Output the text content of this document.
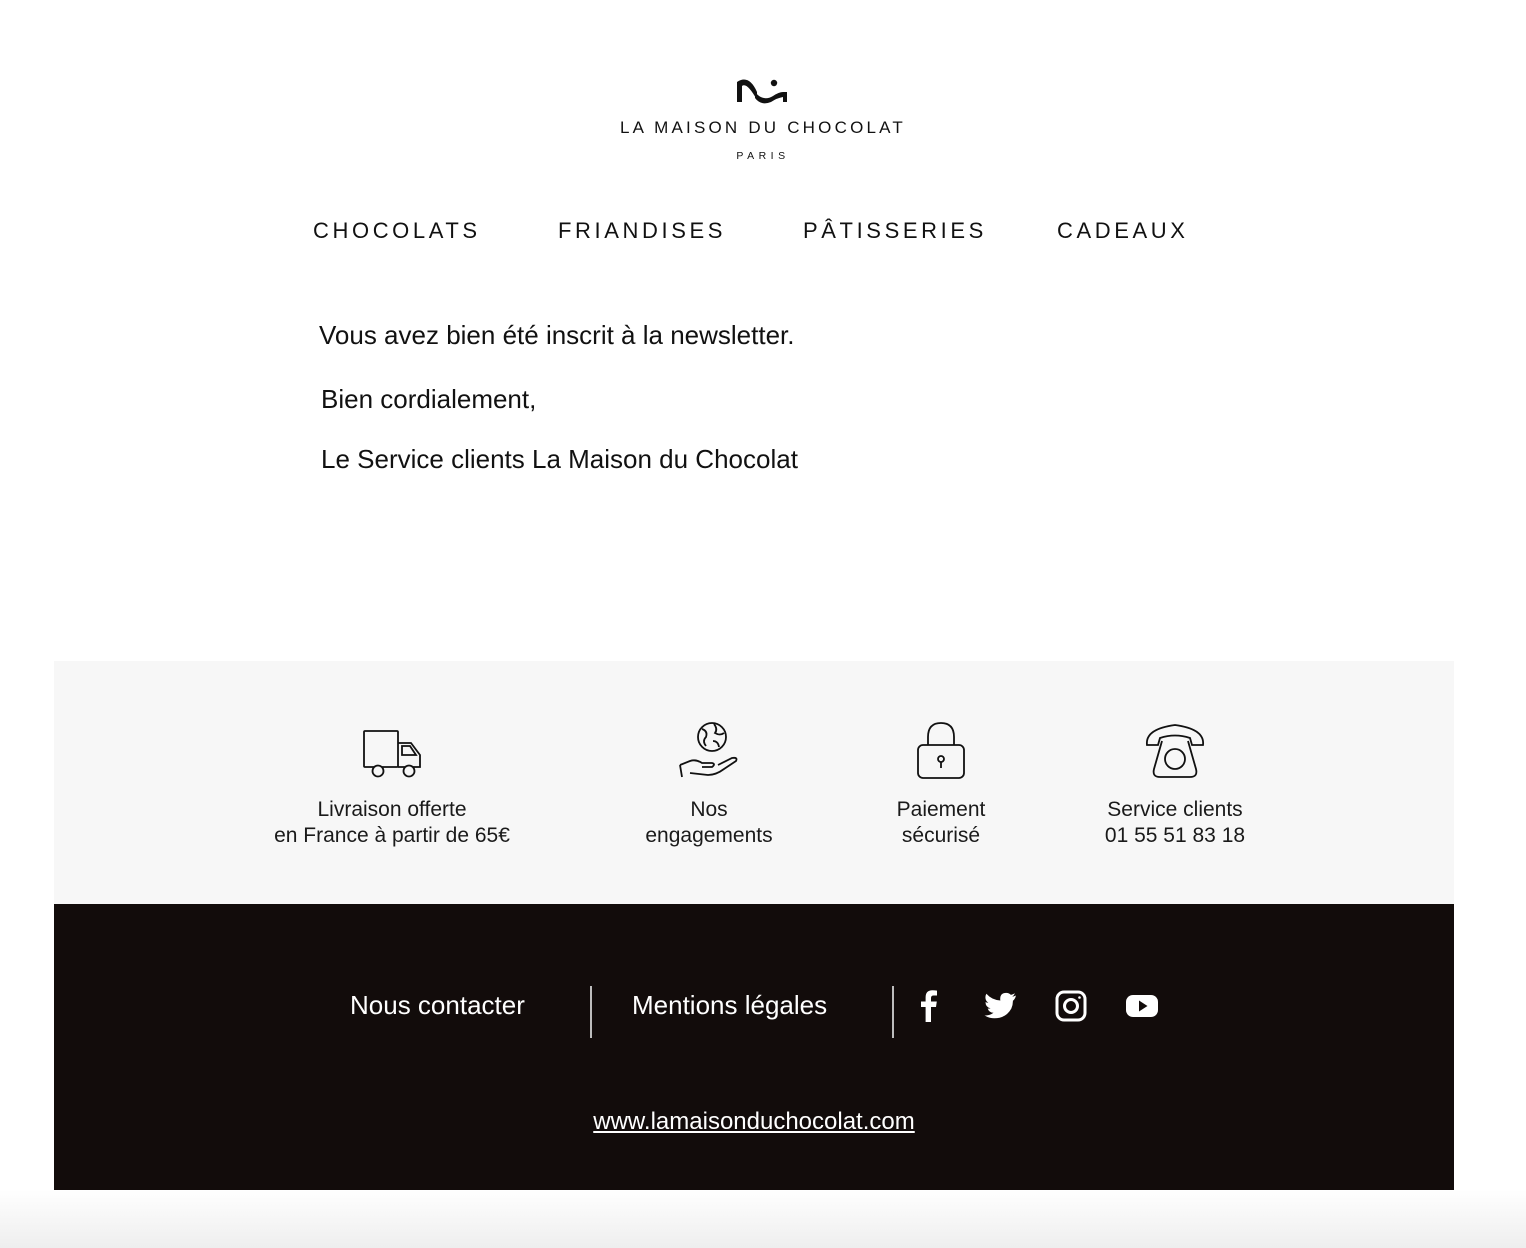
LA MAISON DU CHOCOLAT
PARIS
CHOCOLATS	FRIANDISES	PÂTISSERIES	CADEAUX
Vous avez bien été inscrit à la newsletter.
Bien cordialement,
Le Service clients La Maison du Chocolat
Livraison offerte
en France à partir de 65€
Nos
engagements
Paiement
sécurisé
Service clients
01 55 51 83 18
Nous contacter	Mentions légales
www.lamaisonduchocolat.com
